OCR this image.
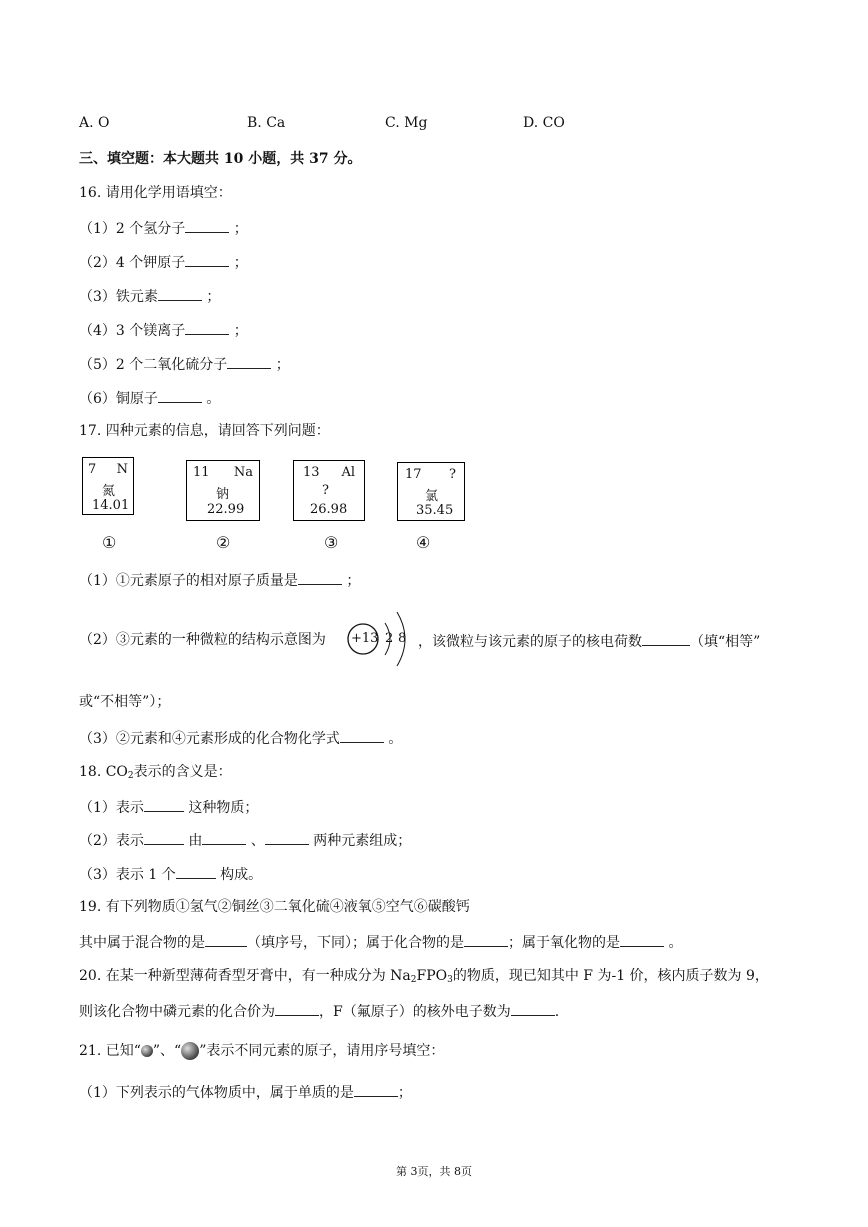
A. O	B. Ca	C. Mg	D. CO
三、填空题：本大题共 10 小题，共 37 分。
16. 请用化学用语填空：
（1）2 个氢分子	；
（2）4 个钾原子	；
（3）铁元素	；
（4）3 个镁离子	；
（5）2 个二氧化硫分子	；
（6）铜原子	。
17. 四种元素的信息，请回答下列问题：
7 N
氮
14.01
11 Na
钠
22.99
13 Al
?
26.98
17 ?
氯
35.45
①	②	③	④
（1）①元素原子的相对原子质量是	；
（2）③元素的一种微粒的结构示意图为 +13 2 8 ，该微粒与该元素的原子的核电荷数	（填“相等”
或“不相等”）；
（3）②元素和④元素形成的化合物化学式	。
18. $CO_2$表示的含义是：
（1）表示	这种物质；
（2）表示	由	、	两种元素组成；
（3）表示 1 个	构成。
19. 有下列物质①氢气②铜丝③二氧化硫④液氧⑤空气⑥碳酸钙
其中属于混合物的是	（填序号，下同）；属于化合物的是	；属于氧化物的是	。
20. 在某一种新型薄荷香型牙膏中，有一种成分为 $Na_2FPO_3$的物质，现已知其中 F 为-1 价，核内质子数为 9，
则该化合物中磷元素的化合价为	，F（氟原子）的核外电子数为	.
21. 已知“ ”、“ ”表示不同元素的原子，请用序号填空：
（1）下列表示的气体物质中，属于单质的是	；
第 3页，共 8页
